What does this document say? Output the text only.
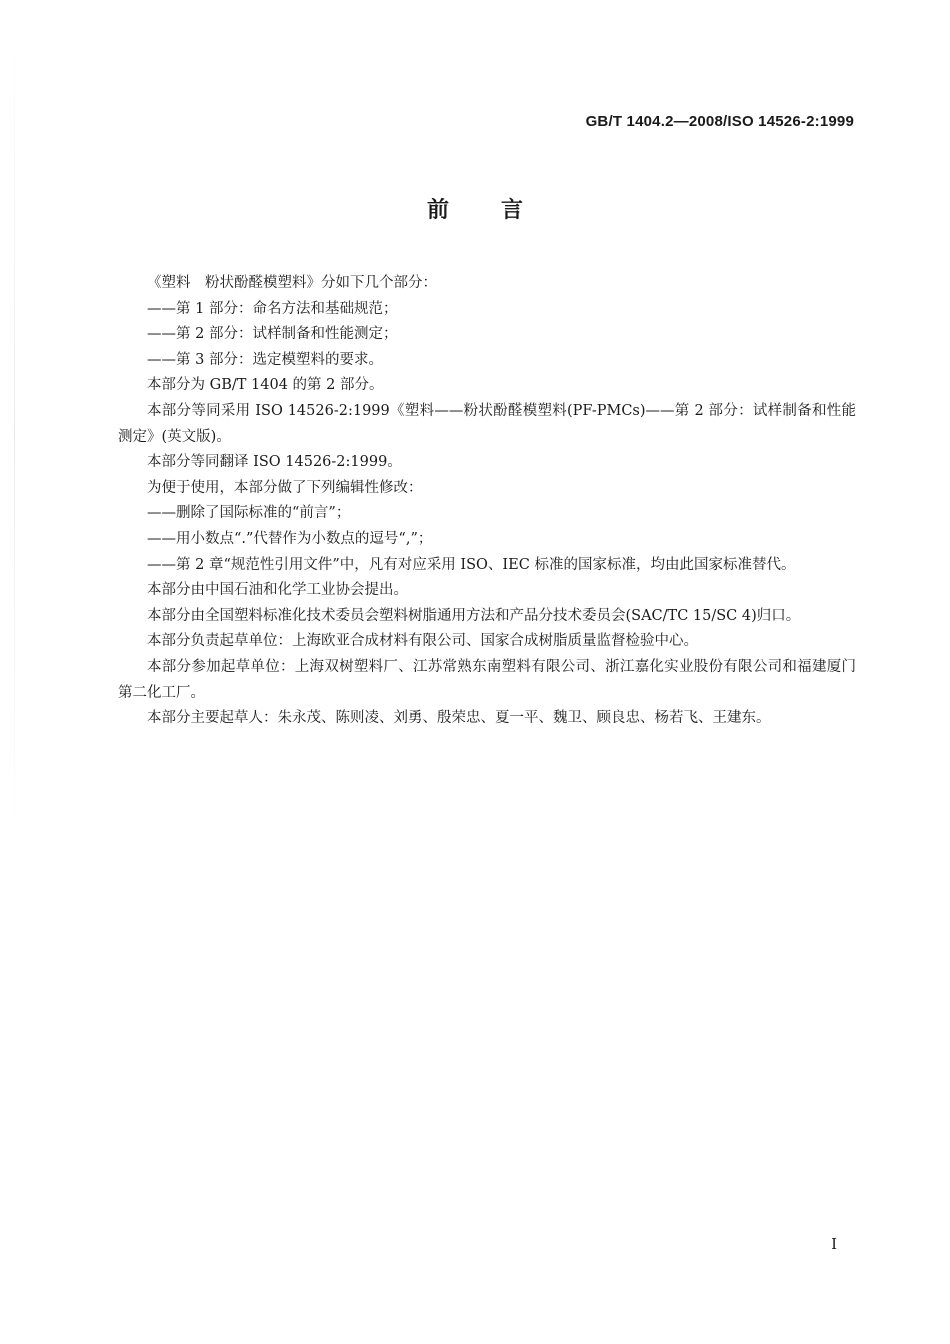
GB/T 1404.2—2008/ISO 14526-2:1999
前言

《塑料　粉状酚醛模塑料》分如下几个部分：

——第 1 部分：命名方法和基础规范；

——第 2 部分：试样制备和性能测定；

——第 3 部分：选定模塑料的要求。

本部分为 GB/T 1404 的第 2 部分。

本部分等同采用 ISO 14526-2:1999《塑料——粉状酚醛模塑料(PF-PMCs)——第 2 部分：试样制备和性能测定》(英文版)。

本部分等同翻译 ISO 14526-2:1999。

为便于使用，本部分做了下列编辑性修改：

——删除了国际标准的“前言”；

——用小数点“.”代替作为小数点的逗号“,”；

——第 2 章“规范性引用文件”中，凡有对应采用 ISO、IEC 标准的国家标准，均由此国家标准替代。

本部分由中国石油和化学工业协会提出。

本部分由全国塑料标准化技术委员会塑料树脂通用方法和产品分技术委员会(SAC/TC 15/SC 4)归口。

本部分负责起草单位：上海欧亚合成材料有限公司、国家合成树脂质量监督检验中心。

本部分参加起草单位：上海双树塑料厂、江苏常熟东南塑料有限公司、浙江嘉化实业股份有限公司和福建厦门第二化工厂。

本部分主要起草人：朱永茂、陈则凌、刘勇、殷荣忠、夏一平、魏卫、顾良忠、杨若飞、王建东。

I
